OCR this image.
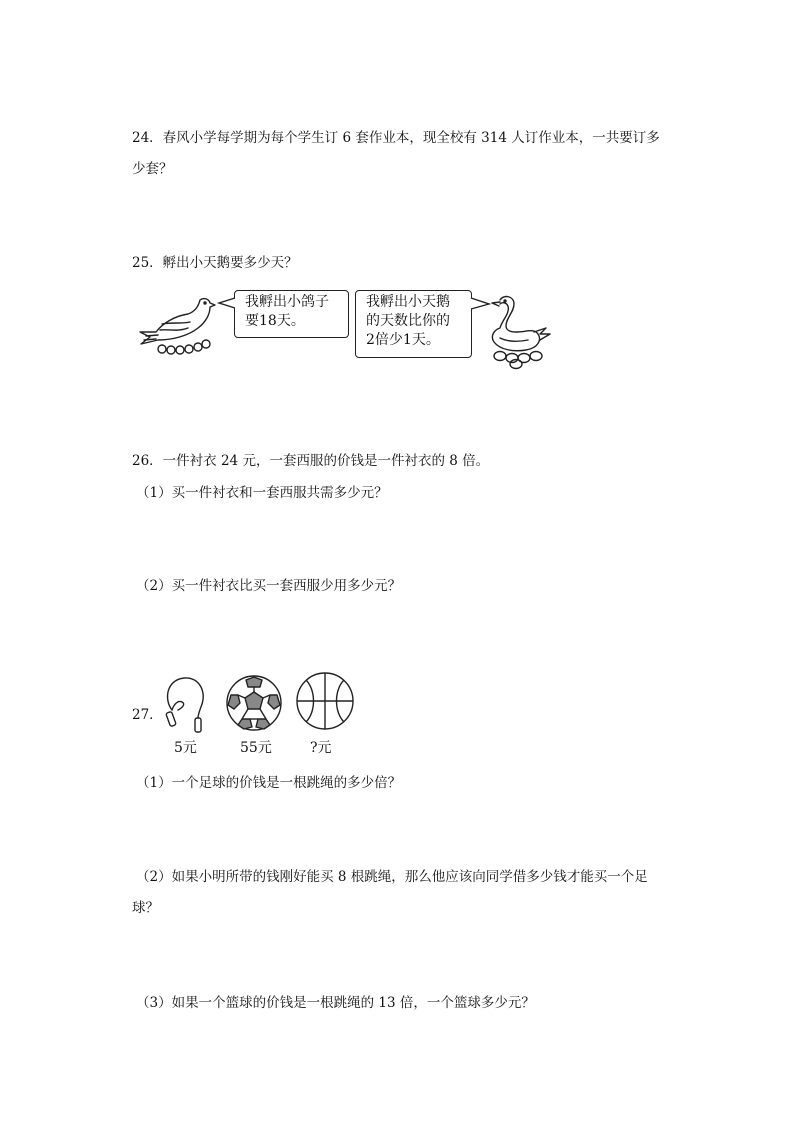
24．春风小学每学期为每个学生订 6 套作业本，现全校有 314 人订作业本，一共要订多
少套？
25．孵出小天鹅要多少天？
我孵出小鸽子
要18天。
我孵出小天鹅
的天数比你的
2倍少1天。
26．一件衬衣 24 元，一套西服的价钱是一件衬衣的 8 倍。
（1）买一件衬衣和一套西服共需多少元？
（2）买一件衬衣比买一套西服少用多少元？
27．
5元	55元	?元
（1）一个足球的价钱是一根跳绳的多少倍？
（2）如果小明所带的钱刚好能买 8 根跳绳，那么他应该向同学借多少钱才能买一个足
球？
（3）如果一个篮球的价钱是一根跳绳的 13 倍，一个篮球多少元？
